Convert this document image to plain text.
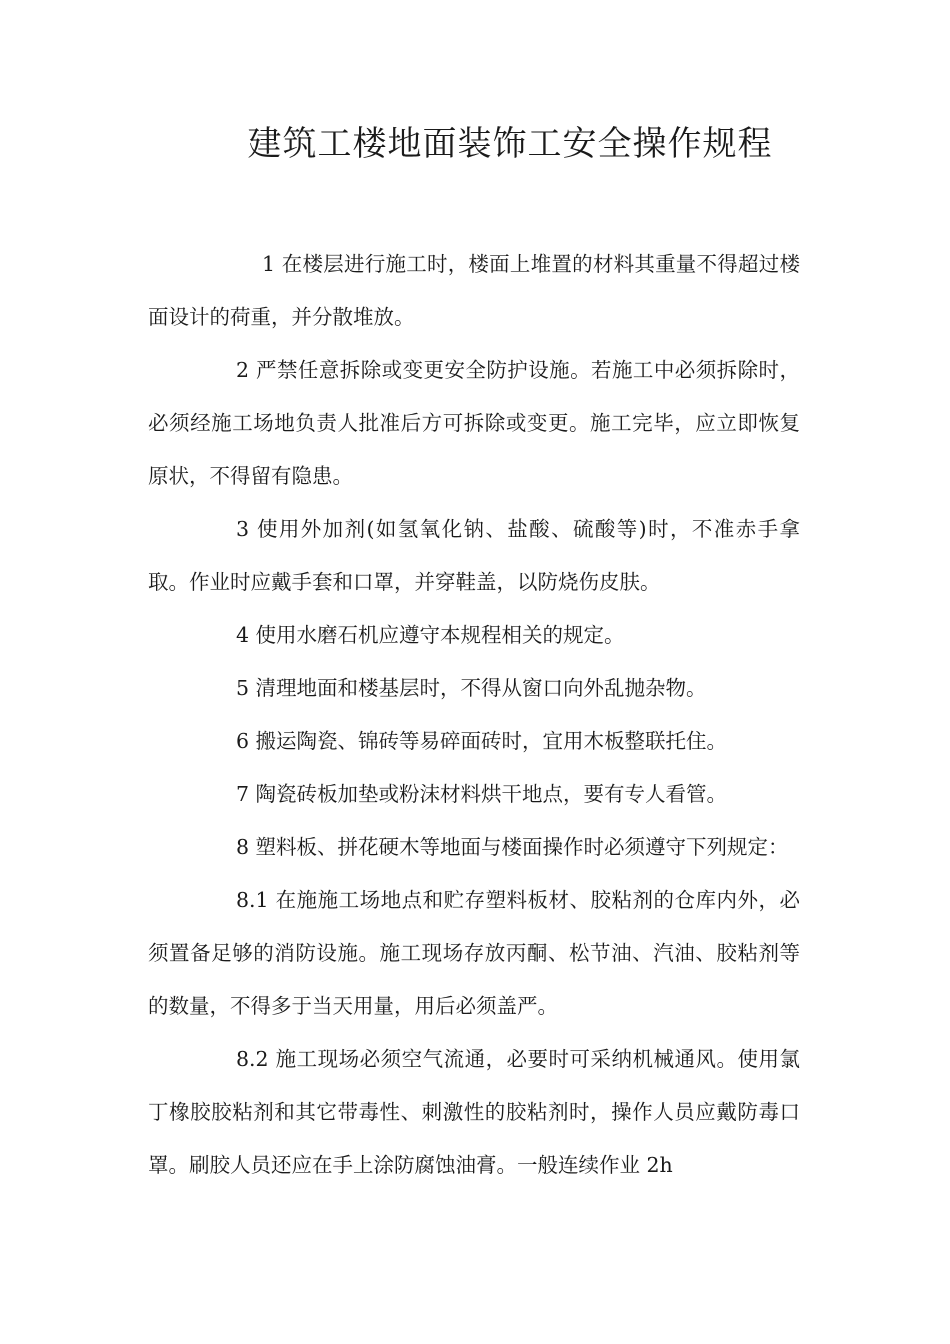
建筑工楼地面装饰工安全操作规程

1 在楼层进行施工时，楼面上堆置的材料其重量不得超过楼面设计的荷重，并分散堆放。

2 严禁任意拆除或变更安全防护设施。若施工中必须拆除时，必须经施工场地负责人批准后方可拆除或变更。施工完毕，应立即恢复原状，不得留有隐患。

3 使用外加剂(如氢氧化钠、盐酸、硫酸等)时，不准赤手拿取。作业时应戴手套和口罩，并穿鞋盖，以防烧伤皮肤。

4 使用水磨石机应遵守本规程相关的规定。

5 清理地面和楼基层时，不得从窗口向外乱抛杂物。

6 搬运陶瓷、锦砖等易碎面砖时，宜用木板整联托住。

7 陶瓷砖板加垫或粉沫材料烘干地点，要有专人看管。

8 塑料板、拼花硬木等地面与楼面操作时必须遵守下列规定：

8.1 在施施工场地点和贮存塑料板材、胶粘剂的仓库内外，必须置备足够的消防设施。施工现场存放丙酮、松节油、汽油、胶粘剂等的数量，不得多于当天用量，用后必须盖严。

8.2 施工现场必须空气流通，必要时可采纳机械通风。使用氯丁橡胶胶粘剂和其它带毒性、刺激性的胶粘剂时，操作人员应戴防毒口罩。刷胶人员还应在手上涂防腐蚀油膏。一般连续作业 2h
